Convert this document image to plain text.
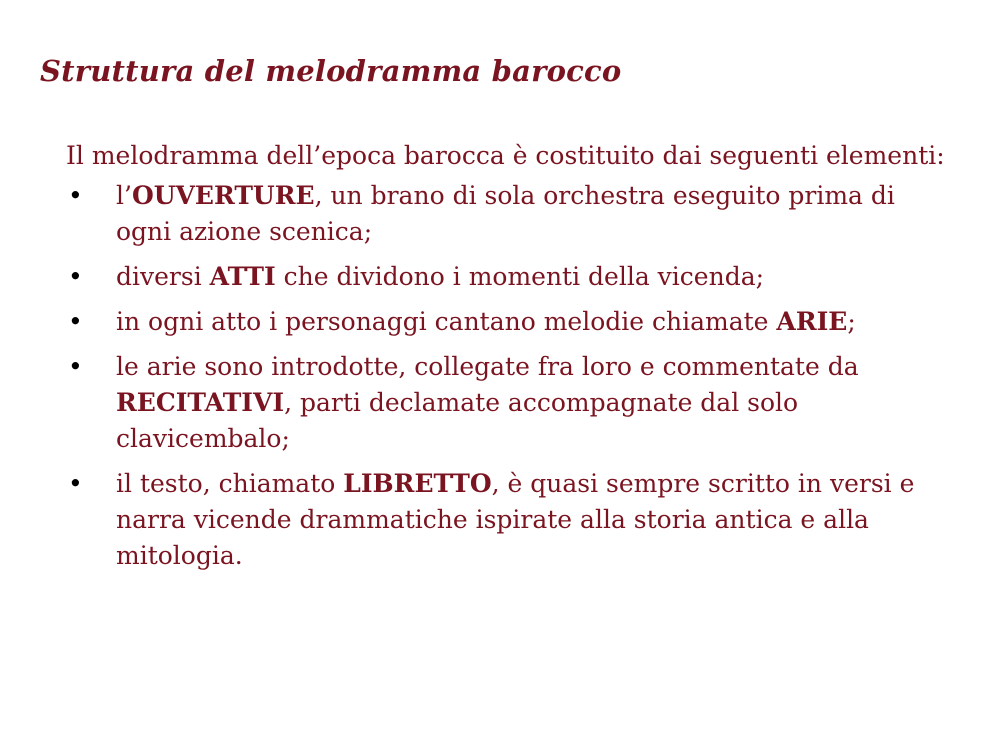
Struttura del melodramma barocco

Il melodramma dell’epoca barocca è costituito dai seguenti elementi:

• l’OUVERTURE, un brano di sola orchestra eseguito prima di ogni azione scenica;
• diversi ATTI che dividono i momenti della vicenda;
• in ogni atto i personaggi cantano melodie chiamate ARIE;
• le arie sono introdotte, collegate fra loro e commentate da RECITATIVI, parti declamate accompagnate dal solo clavicembalo;
• il testo, chiamato LIBRETTO, è quasi sempre scritto in versi e narra vicende drammatiche ispirate alla storia antica e alla mitologia.
